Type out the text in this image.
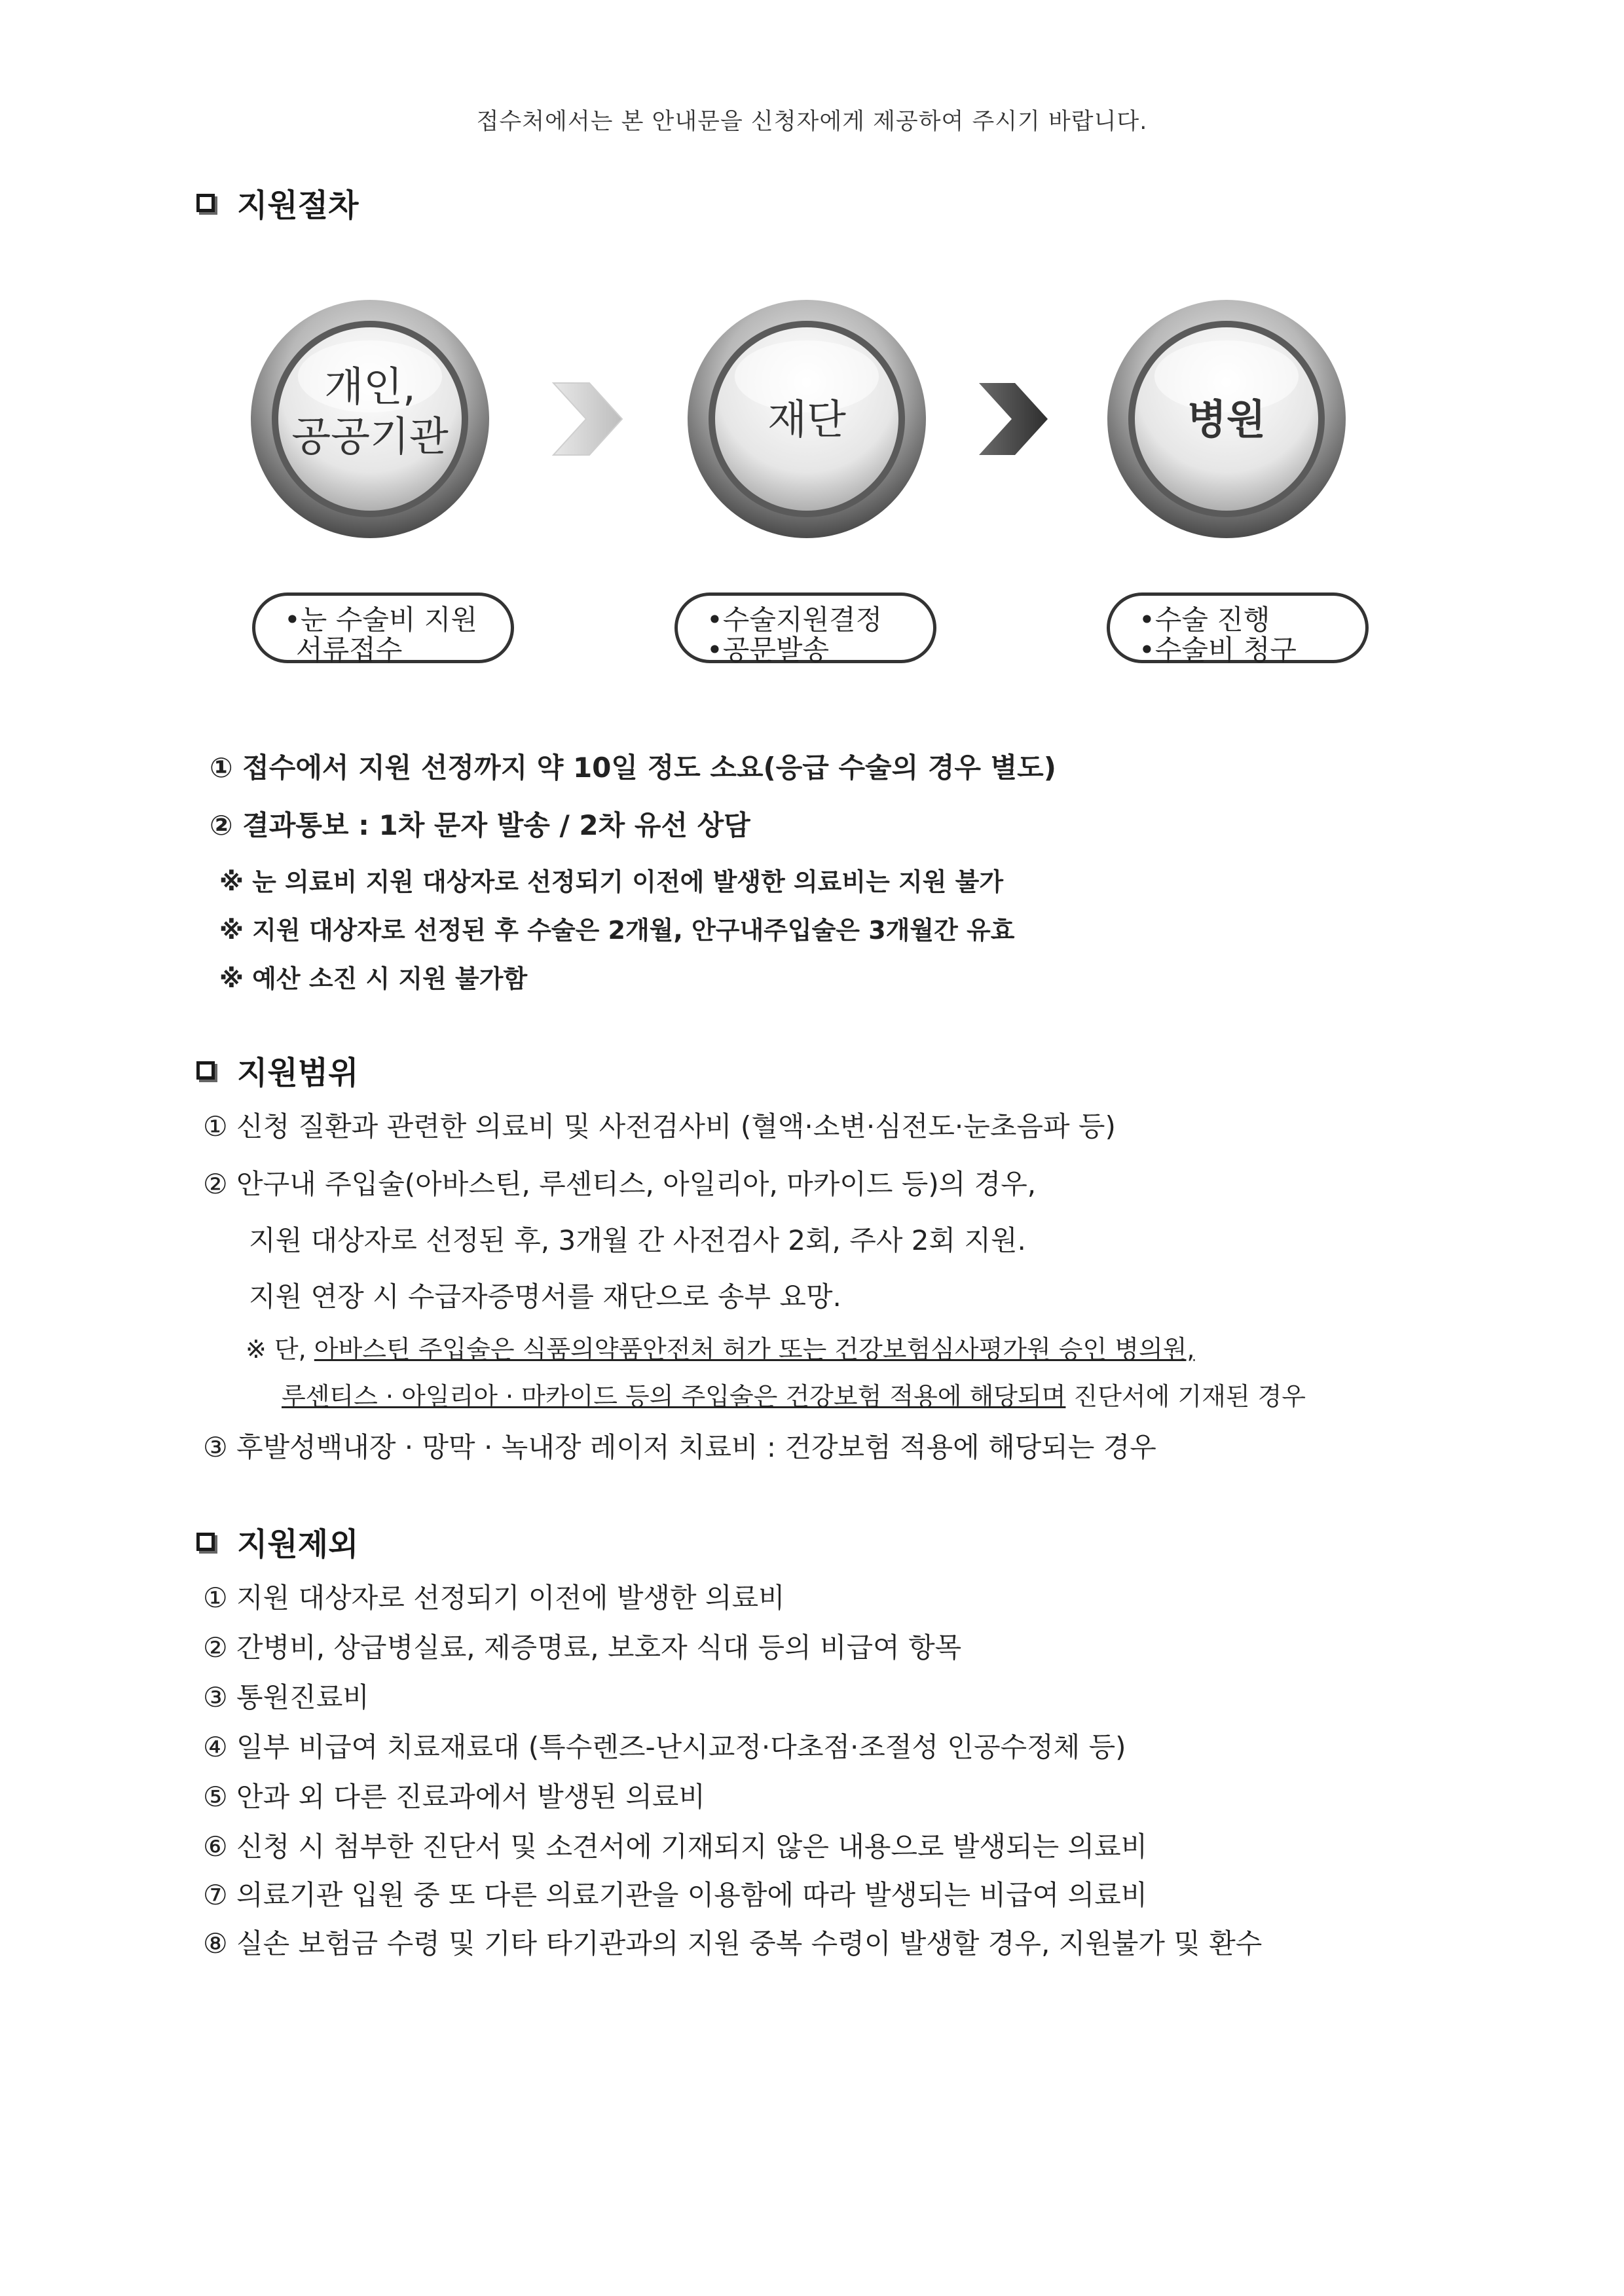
접수처에서는 본 안내문을 신청자에게 제공하여 주시기 바랍니다.
지원절차
개인,
공공기관	재단	병원
•눈 수술비 지원
서류접수
•수술지원결정
•공문발송
•수술 진행
•수술비 청구
① 접수에서 지원 선정까지 약 10일 정도 소요(응급 수술의 경우 별도)
② 결과통보 : 1차 문자 발송 / 2차 유선 상담
※ 눈 의료비 지원 대상자로 선정되기 이전에 발생한 의료비는 지원 불가
※ 지원 대상자로 선정된 후 수술은 2개월, 안구내주입술은 3개월간 유효
※ 예산 소진 시 지원 불가함
지원범위
① 신청 질환과 관련한 의료비 및 사전검사비 (혈액·소변·심전도·눈초음파 등)
② 안구내 주입술(아바스틴, 루센티스, 아일리아, 마카이드 등)의 경우,
지원 대상자로 선정된 후, 3개월 간 사전검사 2회, 주사 2회 지원.
지원 연장 시 수급자증명서를 재단으로 송부 요망.
※ 단, 아바스틴 주입술은 식품의약품안전처 허가 또는 건강보험심사평가원 승인 병의원,
루센티스 · 아일리아 · 마카이드 등의 주입술은 건강보험 적용에 해당되며 진단서에 기재된 경우
③ 후발성백내장 · 망막 · 녹내장 레이저 치료비 : 건강보험 적용에 해당되는 경우
지원제외
① 지원 대상자로 선정되기 이전에 발생한 의료비
② 간병비, 상급병실료, 제증명료, 보호자 식대 등의 비급여 항목
③ 통원진료비
④ 일부 비급여 치료재료대 (특수렌즈-난시교정·다초점·조절성 인공수정체 등)
⑤ 안과 외 다른 진료과에서 발생된 의료비
⑥ 신청 시 첨부한 진단서 및 소견서에 기재되지 않은 내용으로 발생되는 의료비
⑦ 의료기관 입원 중 또 다른 의료기관을 이용함에 따라 발생되는 비급여 의료비
⑧ 실손 보험금 수령 및 기타 타기관과의 지원 중복 수령이 발생할 경우, 지원불가 및 환수
